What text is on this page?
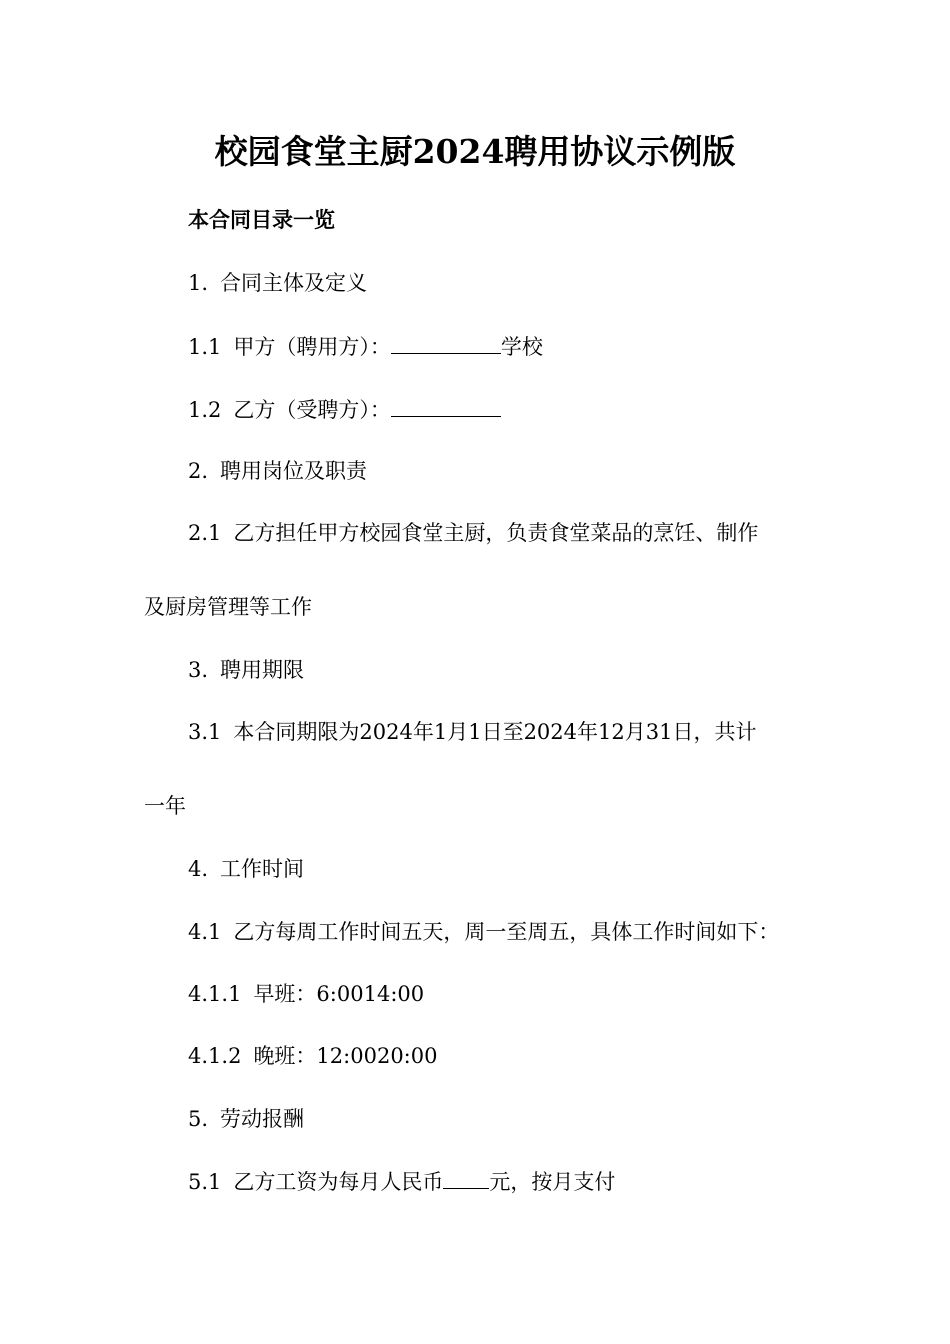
校园食堂主厨2024聘用协议示例版
本合同目录一览
1. 合同主体及定义
1.1 甲方（聘用方）：	学校
1.2 乙方（受聘方）：
2. 聘用岗位及职责
2.1 乙方担任甲方校园食堂主厨，负责食堂菜品的烹饪、制作
及厨房管理等工作
3. 聘用期限
3.1 本合同期限为2024年1月1日至2024年12月31日，共计
一年
4. 工作时间
4.1 乙方每周工作时间五天，周一至周五，具体工作时间如下：
4.1.1 早班：6:0014:00
4.1.2 晚班：12:0020:00
5. 劳动报酬
5.1 乙方工资为每月人民币 元，按月支付
